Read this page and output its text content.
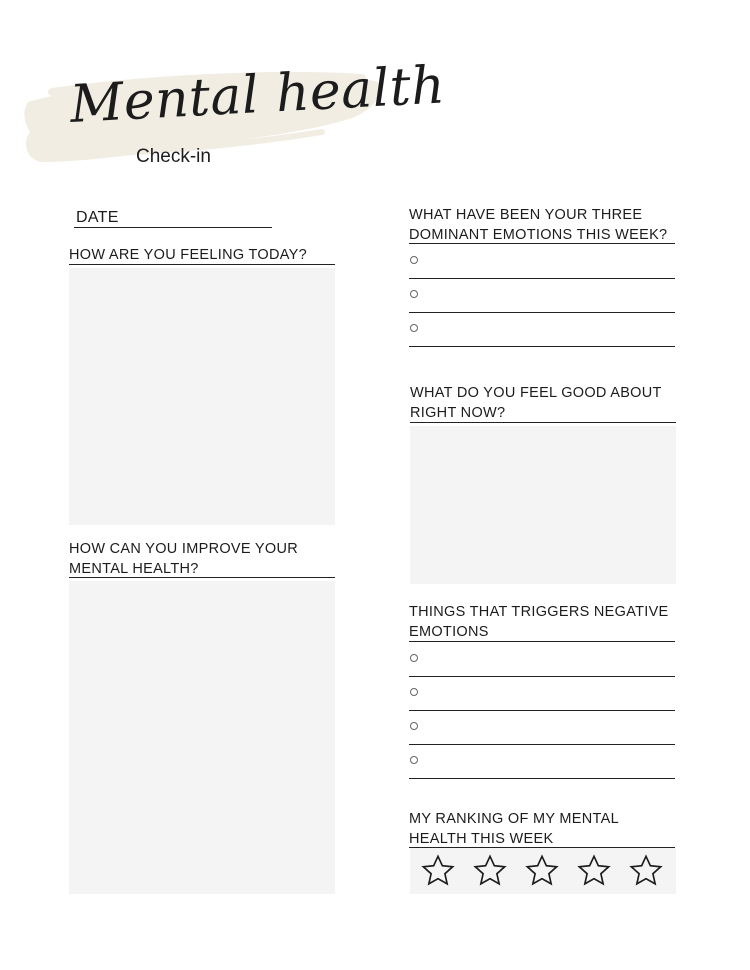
Mental health
Check-in
DATE
HOW ARE YOU FEELING TODAY?
HOW CAN YOU IMPROVE YOUR
MENTAL HEALTH?
WHAT HAVE BEEN YOUR THREE
DOMINANT EMOTIONS THIS WEEK?
WHAT DO YOU FEEL GOOD ABOUT
RIGHT NOW?
THINGS THAT TRIGGERS NEGATIVE
EMOTIONS
MY RANKING OF MY MENTAL
HEALTH THIS WEEK
